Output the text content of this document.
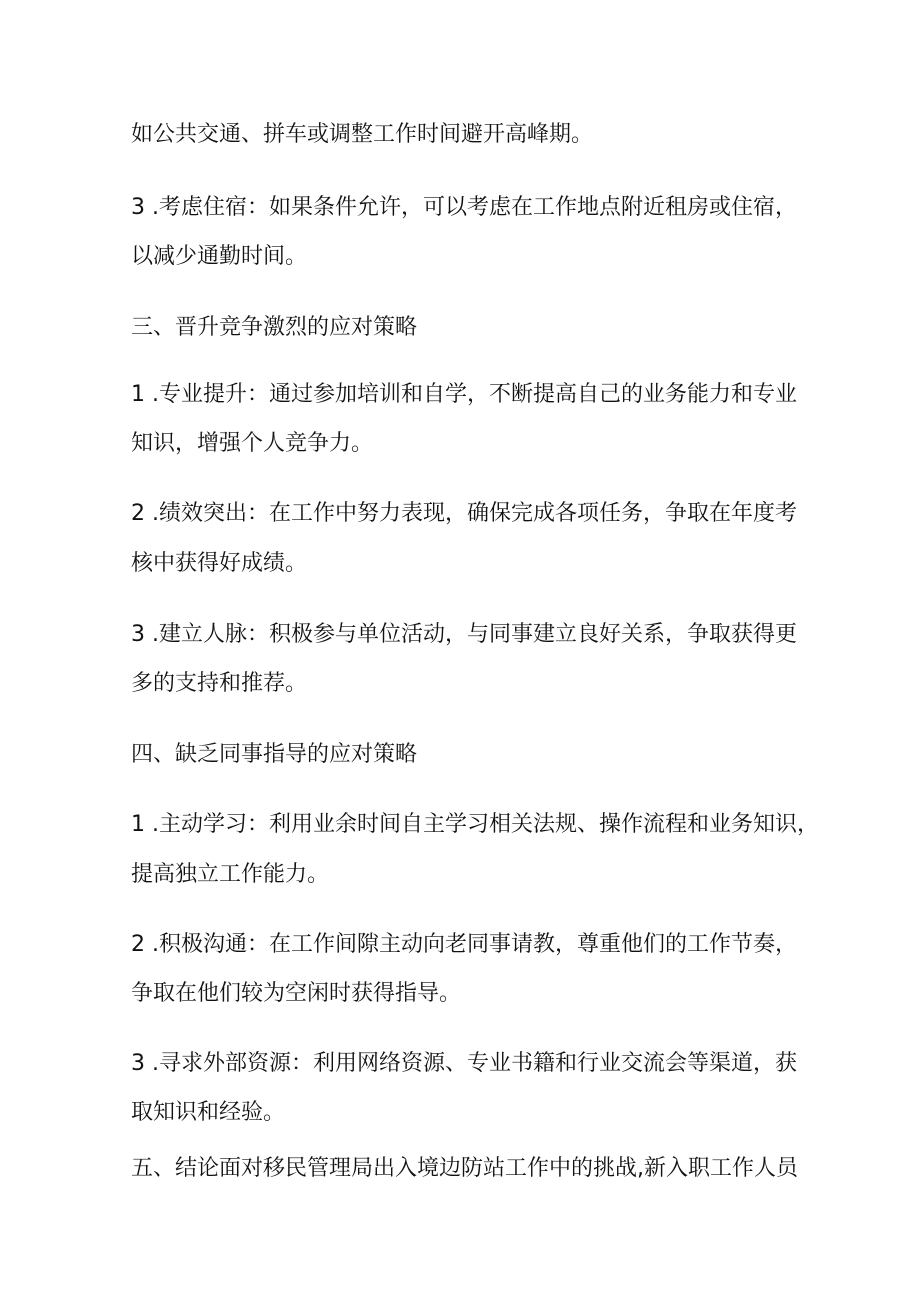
如公共交通、拼车或调整工作时间避开高峰期。

3 .考虑住宿：如果条件允许，可以考虑在工作地点附近租房或住宿，

以减少通勤时间。

三、晋升竞争激烈的应对策略

1 .专业提升：通过参加培训和自学，不断提高自己的业务能力和专业

知识，增强个人竞争力。

2 .绩效突出：在工作中努力表现，确保完成各项任务，争取在年度考

核中获得好成绩。

3 .建立人脉：积极参与单位活动，与同事建立良好关系，争取获得更

多的支持和推荐。

四、缺乏同事指导的应对策略

1 .主动学习：利用业余时间自主学习相关法规、操作流程和业务知识，

提高独立工作能力。

2 .积极沟通：在工作间隙主动向老同事请教，尊重他们的工作节奏，

争取在他们较为空闲时获得指导。

3 .寻求外部资源：利用网络资源、专业书籍和行业交流会等渠道，获

取知识和经验。

五、结论面对移民管理局出入境边防站工作中的挑战,新入职工作人员
